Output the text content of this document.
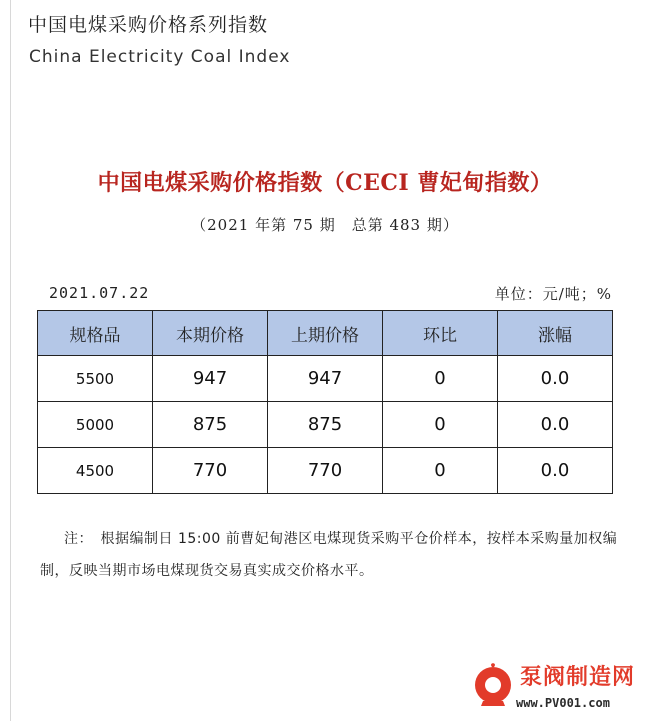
中国电煤采购价格系列指数
China Electricity Coal Index
中国电煤采购价格指数（CECI 曹妃甸指数）
（2021 年第 75 期　总第 483 期）
2021.07.22	单位：元/吨；%
规格品	本期价格	上期价格	环比	涨幅
5500	947	947	0	0.0
5000	875	875	0	0.0
4500	770	770	0	0.0
注：　根据编制日 15:00 前曹妃甸港区电煤现货采购平仓价样本，按样本采购量加权编制，反映当期市场电煤现货交易真实成交价格水平。
泵阀制造网
www.PV001.com
